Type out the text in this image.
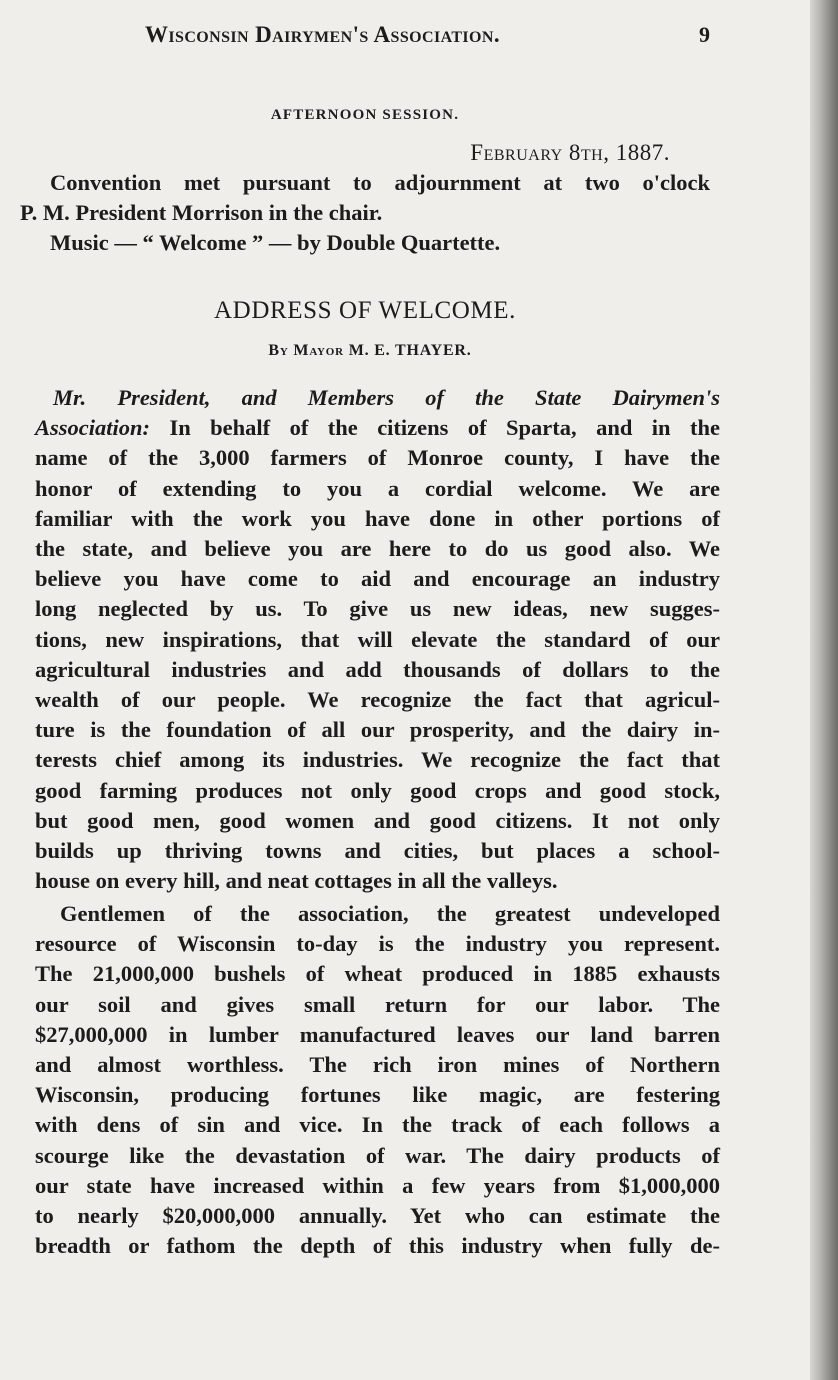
Wisconsin Dairymen's Association.	9
AFTERNOON SESSION.
February 8th, 1887.
Convention met pursuant to adjournment at two o'clock
P. M. President Morrison in the chair.
Music — “ Welcome ” — by Double Quartette.
ADDRESS OF WELCOME.
By Mayor M. E. THAYER.
Mr. President, and Members of the State Dairymen's
Association: In behalf of the citizens of Sparta, and in the
name of the 3,000 farmers of Monroe county, I have the
honor of extending to you a cordial welcome. We are
familiar with the work you have done in other portions of
the state, and believe you are here to do us good also. We
believe you have come to aid and encourage an industry
long neglected by us. To give us new ideas, new sugges-
tions, new inspirations, that will elevate the standard of our
agricultural industries and add thousands of dollars to the
wealth of our people. We recognize the fact that agricul-
ture is the foundation of all our prosperity, and the dairy in-
terests chief among its industries. We recognize the fact that
good farming produces not only good crops and good stock,
but good men, good women and good citizens. It not only
builds up thriving towns and cities, but places a school-
house on every hill, and neat cottages in all the valleys.
Gentlemen of the association, the greatest undeveloped
resource of Wisconsin to-day is the industry you represent.
The 21,000,000 bushels of wheat produced in 1885 exhausts
our soil and gives small return for our labor. The
$27,000,000 in lumber manufactured leaves our land barren
and almost worthless. The rich iron mines of Northern
Wisconsin, producing fortunes like magic, are festering
with dens of sin and vice. In the track of each follows a
scourge like the devastation of war. The dairy products of
our state have increased within a few years from $1,000,000
to nearly $20,000,000 annually. Yet who can estimate the
breadth or fathom the depth of this industry when fully de-
